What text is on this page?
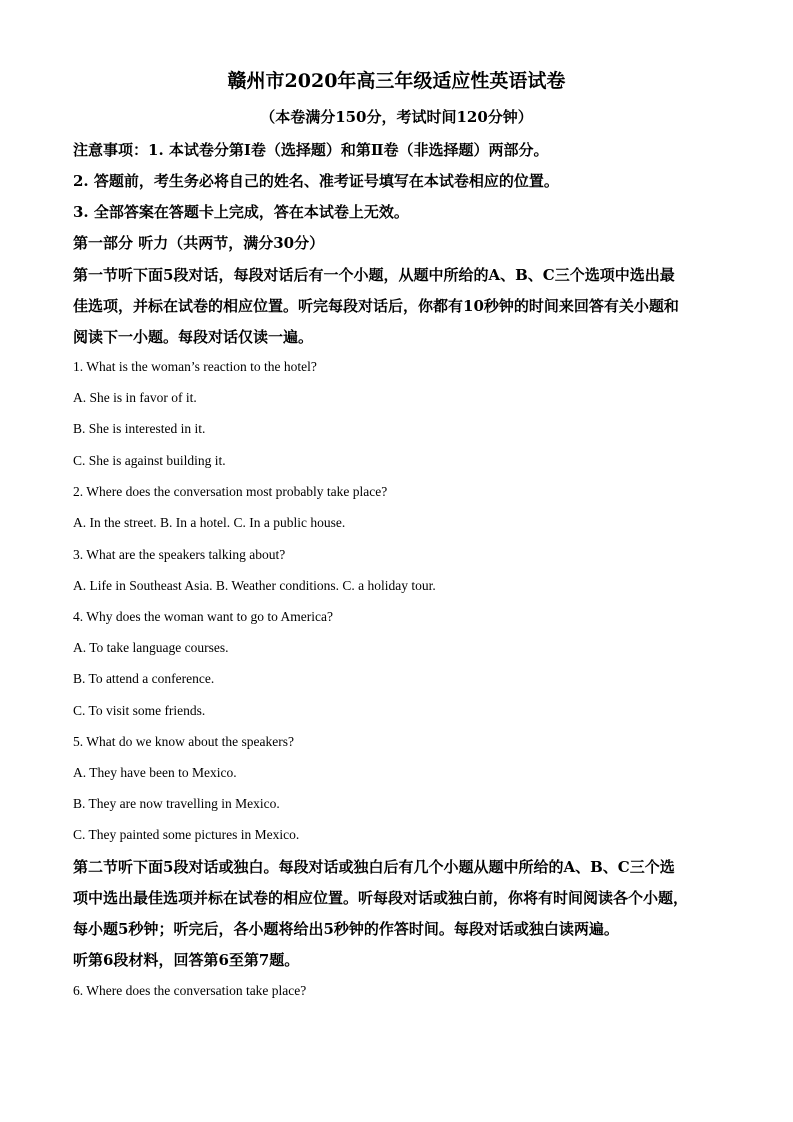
赣州市2020年高三年级适应性英语试卷
（本卷满分150分，考试时间120分钟）
注意事项：1. 本试卷分第Ⅰ卷（选择题）和第Ⅱ卷（非选择题）两部分。
2. 答题前，考生务必将自己的姓名、准考证号填写在本试卷相应的位置。
3. 全部答案在答题卡上完成，答在本试卷上无效。
第一部分 听力（共两节，满分30分）
第一节听下面5段对话，每段对话后有一个小题，从题中所给的A、B、C三个选项中选出最
佳选项，并标在试卷的相应位置。听完每段对话后，你都有10秒钟的时间来回答有关小题和
阅读下一小题。每段对话仅读一遍。
1. What is the woman’s reaction to the hotel?
A. She is in favor of it.
B. She is interested in it.
C. She is against building it.
2. Where does the conversation most probably take place?
A. In the street. B. In a hotel. C. In a public house.
3. What are the speakers talking about?
A. Life in Southeast Asia. B. Weather conditions. C. a holiday tour.
4. Why does the woman want to go to America?
A. To take language courses.
B. To attend a conference.
C. To visit some friends.
5. What do we know about the speakers?
A. They have been to Mexico.
B. They are now travelling in Mexico.
C. They painted some pictures in Mexico.
第二节听下面5段对话或独白。每段对话或独白后有几个小题从题中所给的A、B、C三个选
项中选出最佳选项并标在试卷的相应位置。听每段对话或独白前，你将有时间阅读各个小题，
每小题5秒钟；听完后，各小题将给出5秒钟的作答时间。每段对话或独白读两遍。
听第6段材料，回答第6至第7题。
6. Where does the conversation take place?
